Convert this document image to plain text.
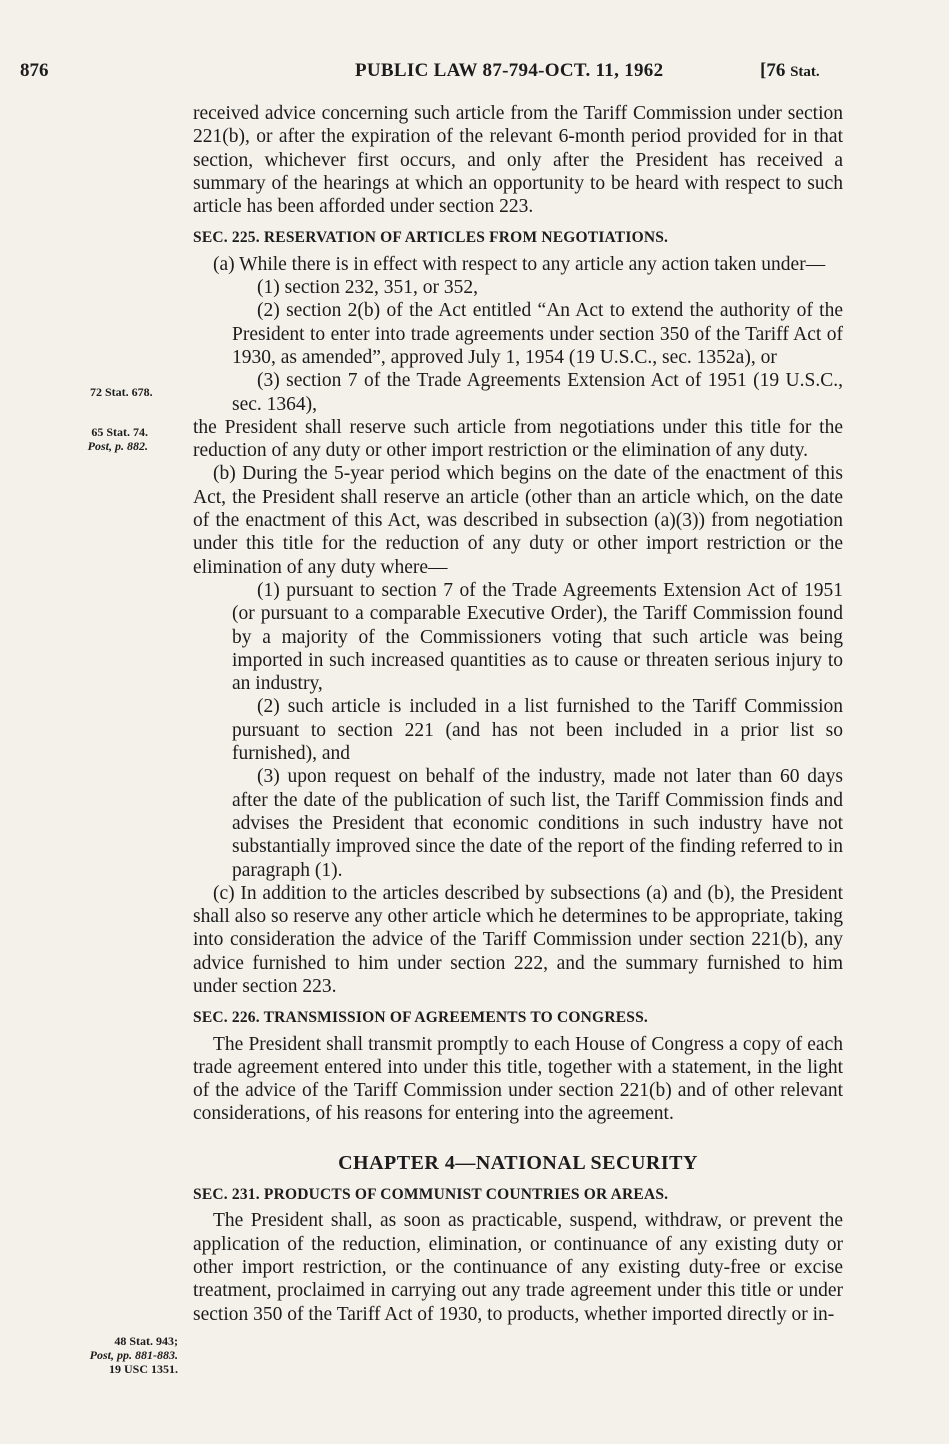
876	PUBLIC LAW 87-794-OCT. 11, 1962	[76 Stat.

received advice concerning such article from the Tariff Commission under section 221(b), or after the expiration of the relevant 6-month period provided for in that section, whichever first occurs, and only after the President has received a summary of the hearings at which an opportunity to be heard with respect to such article has been afforded under section 223.

SEC. 225. RESERVATION OF ARTICLES FROM NEGOTIATIONS.

(a) While there is in effect with respect to any article any action taken under—

(1) section 232, 351, or 352,

(2) section 2(b) of the Act entitled “An Act to extend the authority of the President to enter into trade agreements under section 350 of the Tariff Act of 1930, as amended”, approved July 1, 1954 (19 U.S.C., sec. 1352a), or

(3) section 7 of the Trade Agreements Extension Act of 1951 (19 U.S.C., sec. 1364),

the President shall reserve such article from negotiations under this title for the reduction of any duty or other import restriction or the elimination of any duty.

(b) During the 5-year period which begins on the date of the enactment of this Act, the President shall reserve an article (other than an article which, on the date of the enactment of this Act, was described in subsection (a)(3)) from negotiation under this title for the reduction of any duty or other import restriction or the elimination of any duty where—

(1) pursuant to section 7 of the Trade Agreements Extension Act of 1951 (or pursuant to a comparable Executive Order), the Tariff Commission found by a majority of the Commissioners voting that such article was being imported in such increased quantities as to cause or threaten serious injury to an industry,

(2) such article is included in a list furnished to the Tariff Commission pursuant to section 221 (and has not been included in a prior list so furnished), and

(3) upon request on behalf of the industry, made not later than 60 days after the date of the publication of such list, the Tariff Commission finds and advises the President that economic conditions in such industry have not substantially improved since the date of the report of the finding referred to in paragraph (1).

(c) In addition to the articles described by subsections (a) and (b), the President shall also so reserve any other article which he determines to be appropriate, taking into consideration the advice of the Tariff Commission under section 221(b), any advice furnished to him under section 222, and the summary furnished to him under section 223.

SEC. 226. TRANSMISSION OF AGREEMENTS TO CONGRESS.

The President shall transmit promptly to each House of Congress a copy of each trade agreement entered into under this title, together with a statement, in the light of the advice of the Tariff Commission under section 221(b) and of other relevant considerations, of his reasons for entering into the agreement.

CHAPTER 4—NATIONAL SECURITY

SEC. 231. PRODUCTS OF COMMUNIST COUNTRIES OR AREAS.

The President shall, as soon as practicable, suspend, withdraw, or prevent the application of the reduction, elimination, or continuance of any existing duty or other import restriction, or the continuance of any existing duty-free or excise treatment, proclaimed in carrying out any trade agreement under this title or under section 350 of the Tariff Act of 1930, to products, whether imported directly or in-

72 Stat. 678.
65 Stat. 74.
Post, p. 882.
48 Stat. 943;
Post, pp. 881-883.
19 USC 1351.
